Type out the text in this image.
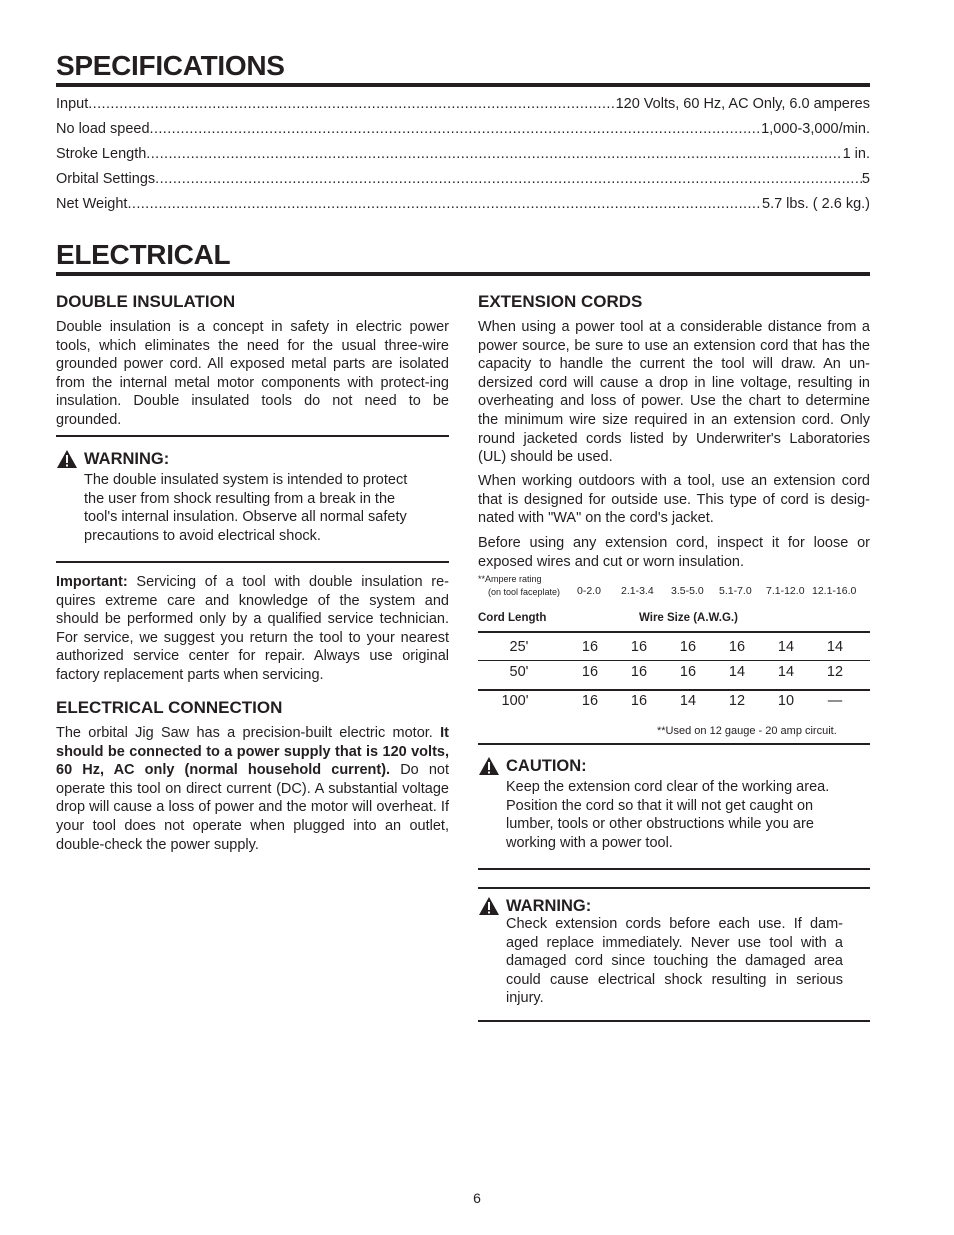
SPECIFICATIONS
Input .....	120 Volts, 60 Hz, AC Only, 6.0 amperes
No load speed .....	1,000-3,000/min.
Stroke Length .....	1 in.
Orbital Settings .....	5
Net Weight .....	5.7 lbs. ( 2.6 kg.)
ELECTRICAL
DOUBLE INSULATION
Double insulation is a concept in safety in electric power tools, which eliminates the need for the usual three-wire grounded power cord. All exposed metal parts are isolated from the internal metal motor components with protect-ing insulation. Double insulated tools do not need to be grounded.
WARNING:
The double insulated system is intended to protect the user from shock resulting from a break in the tool's internal insulation. Observe all normal safety precautions to avoid electrical shock.
Important: Servicing of a tool with double insulation re-quires extreme care and knowledge of the system and should be performed only by a qualified service technician. For service, we suggest you return the tool to your nearest authorized service center for repair. Always use original factory replacement parts when servicing.
ELECTRICAL CONNECTION
The orbital Jig Saw has a precision-built electric motor. It should be connected to a power supply that is 120 volts, 60 Hz, AC only (normal household current). Do not operate this tool on direct current (DC). A substantial voltage drop will cause a loss of power and the motor will overheat. If your tool does not operate when plugged into an outlet, double-check the power supply.
EXTENSION CORDS
When using a power tool at a considerable distance from a power source, be sure to use an extension cord that has the capacity to handle the current the tool will draw. An un-dersized cord will cause a drop in line voltage, resulting in overheating and loss of power. Use the chart to determine the minimum wire size required in an extension cord. Only round jacketed cords listed by Underwriter's Laboratories (UL) should be used.
When working outdoors with a tool, use an extension cord that is designed for outside use. This type of cord is desig-nated with "WA" on the cord's jacket.
Before using any extension cord, inspect it for loose or exposed wires and cut or worn insulation.
**Ampere rating
(on tool faceplate) 0-2.0 2.1-3.4 3.5-5.0 5.1-7.0 7.1-12.0 12.1-16.0
Cord Length	Wire Size (A.W.G.)
25'	16	16	16	16	14	14
50'	16	16	16	14	14	12
100'	16	16	14	12	10	—
**Used on 12 gauge - 20 amp circuit.
CAUTION:
Keep the extension cord clear of the working area. Position the cord so that it will not get caught on lumber, tools or other obstructions while you are working with a power tool.
WARNING:
Check extension cords before each use. If dam-aged replace immediately. Never use tool with a damaged cord since touching the damaged area could cause electrical shock resulting in serious injury.
6
